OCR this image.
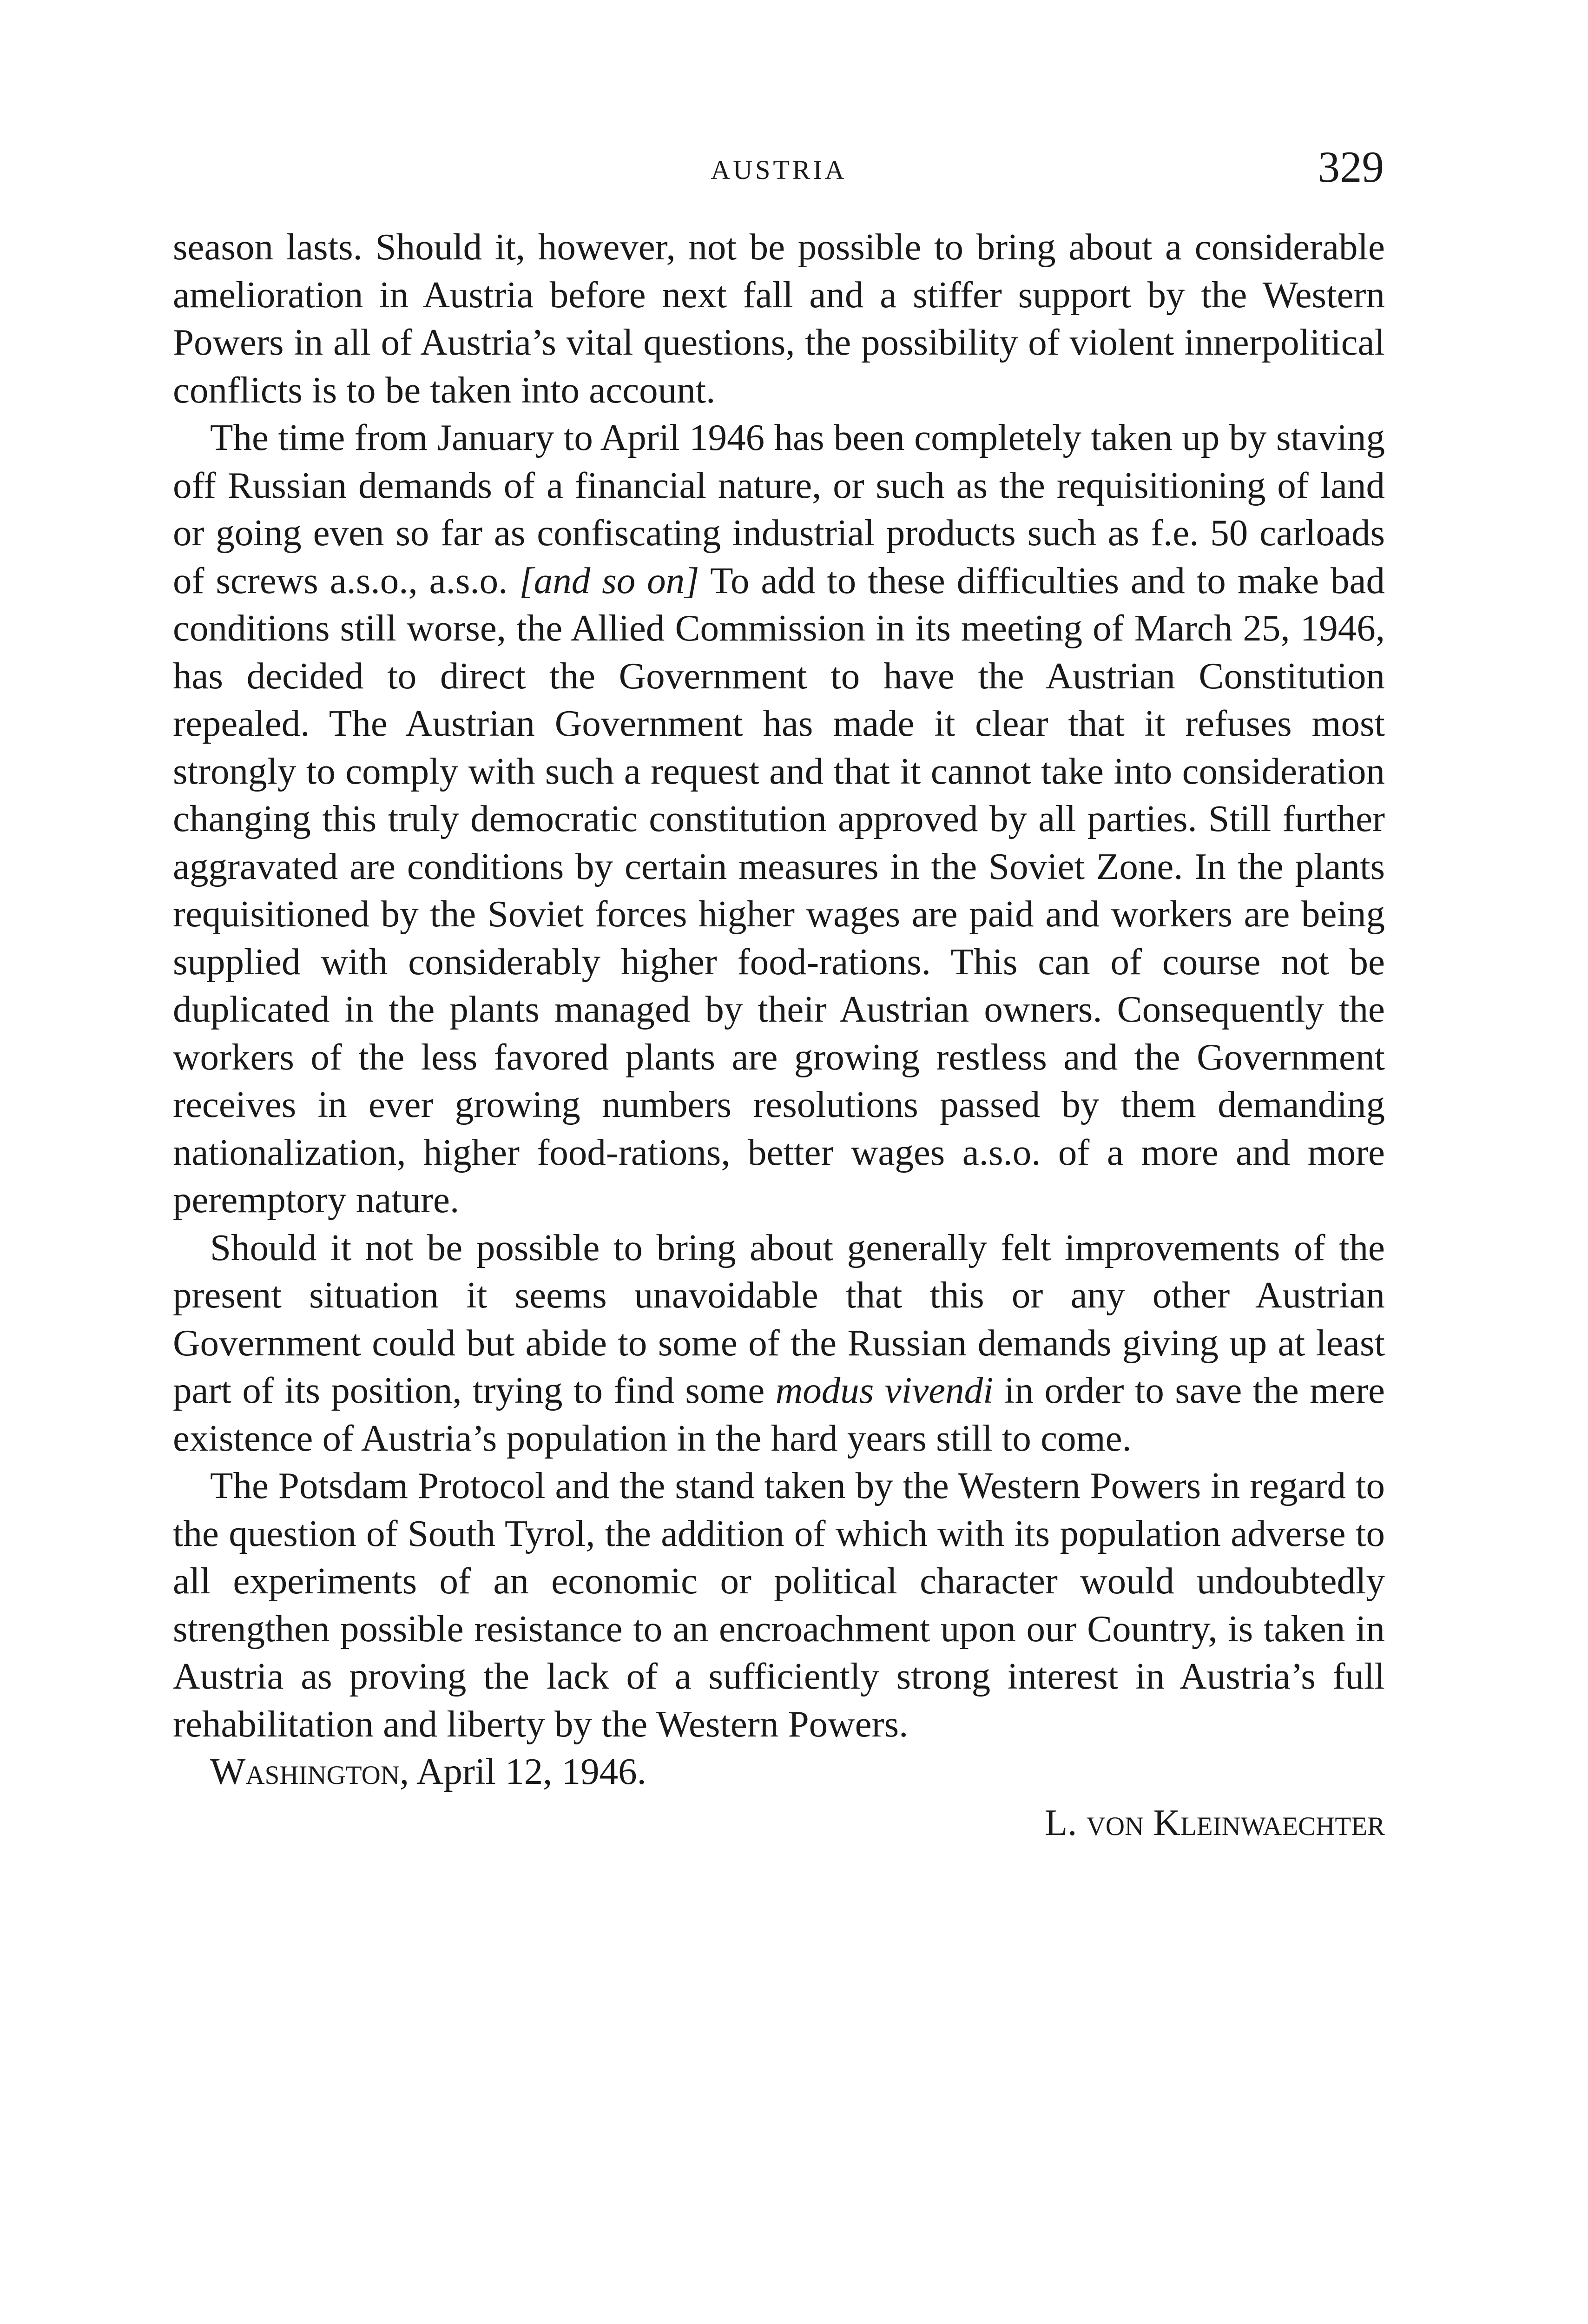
AUSTRIA	329

season lasts. Should it, however, not be possible to bring about a considerable amelioration in Austria before next fall and a stiffer support by the Western Powers in all of Austria’s vital questions, the possibility of violent innerpolitical conflicts is to be taken into account.

The time from January to April 1946 has been completely taken up by staving off Russian demands of a financial nature, or such as the requisitioning of land or going even so far as confiscating industrial products such as f.e. 50 carloads of screws a.s.o., a.s.o. [and so on] To add to these difficulties and to make bad conditions still worse, the Allied Commission in its meeting of March 25, 1946, has decided to direct the Government to have the Austrian Constitution repealed. The Austrian Government has made it clear that it refuses most strongly to comply with such a request and that it cannot take into consideration changing this truly democratic constitution approved by all parties. Still further aggravated are conditions by certain measures in the Soviet Zone. In the plants requisitioned by the Soviet forces higher wages are paid and workers are being supplied with considerably higher food-rations. This can of course not be duplicated in the plants managed by their Austrian owners. Consequently the workers of the less favored plants are growing restless and the Government receives in ever growing numbers resolutions passed by them demanding nationalization, higher food-rations, better wages a.s.o. of a more and more peremptory nature.

Should it not be possible to bring about generally felt improvements of the present situation it seems unavoidable that this or any other Austrian Government could but abide to some of the Russian demands giving up at least part of its position, trying to find some modus vivendi in order to save the mere existence of Austria’s population in the hard years still to come.

The Potsdam Protocol and the stand taken by the Western Powers in regard to the question of South Tyrol, the addition of which with its population adverse to all experiments of an economic or political character would undoubtedly strengthen possible resistance to an encroachment upon our Country, is taken in Austria as proving the lack of a sufficiently strong interest in Austria’s full rehabilitation and liberty by the Western Powers.

Washington, April 12, 1946.
L. von Kleinwaechter
